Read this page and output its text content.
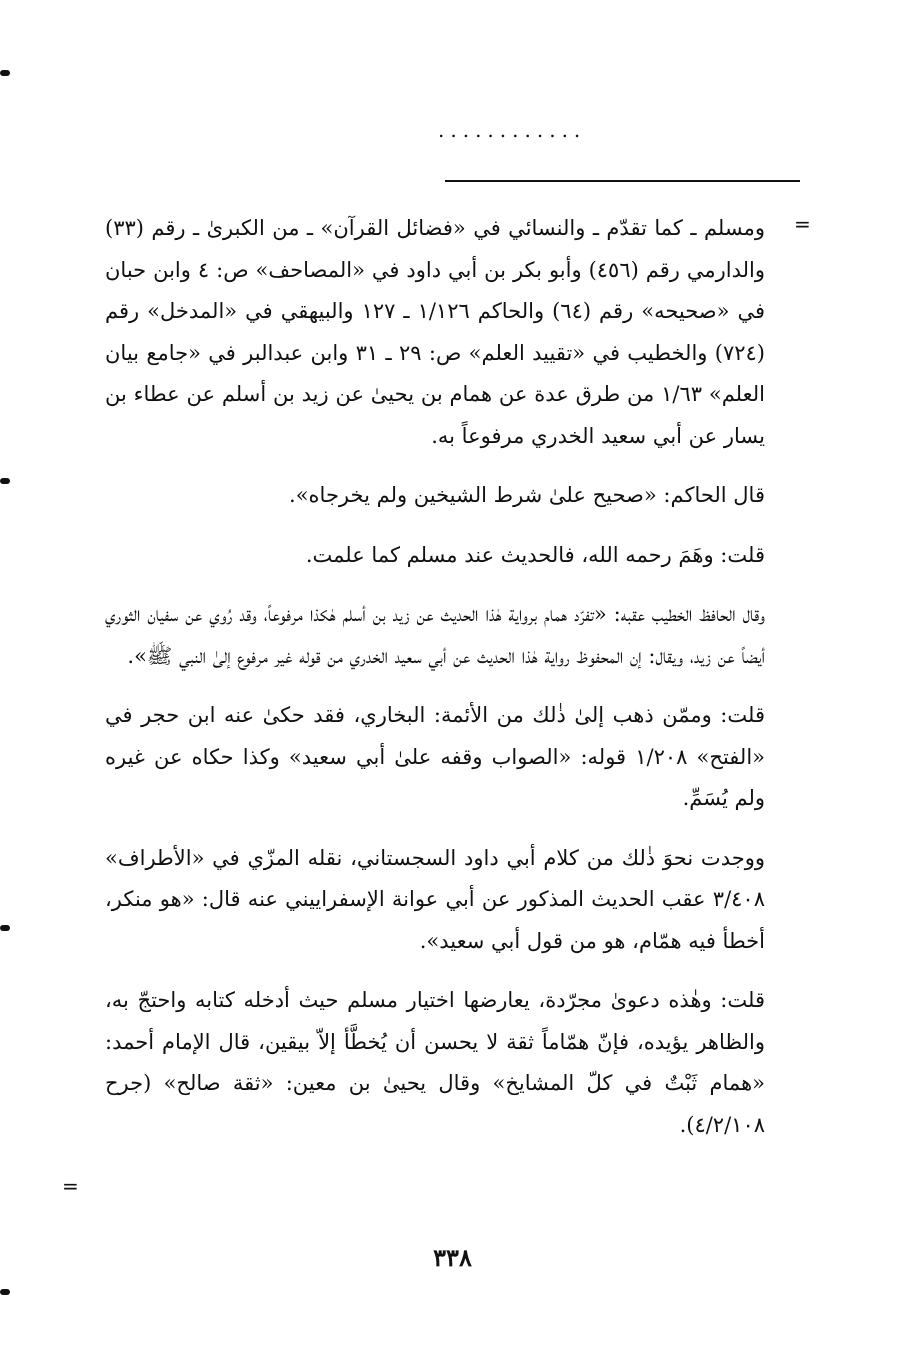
............
=

ومسلم ـ كما تقدّم ـ والنسائي في «فضائل القرآن» ـ من الكبرىٰ ـ رقم (٣٣) والدارمي رقم (٤٥٦) وأبو بكر بن أبي داود في «المصاحف» ص: ٤ وابن حبان في «صحيحه» رقم (٦٤) والحاكم ١/١٢٦ ـ ١٢٧ والبيهقي في «المدخل» رقم (٧٢٤) والخطيب في «تقييد العلم» ص: ٢٩ ـ ٣١ وابن عبدالبر في «جامع بيان العلم» ١/٦٣ من طرق عدة عن همام بن يحيىٰ عن زيد بن أسلم عن عطاء بن يسار عن أبي سعيد الخدري مرفوعاً به.

قال الحاكم: «صحيح علىٰ شرط الشيخين ولم يخرجاه».

قلت: وهَمَ رحمه الله، فالحديث عند مسلم كما علمت.

وقال الحافظ الخطيب عقبه: «تفرّد همام برواية هٰذا الحديث عن زيد بن أسلم هٰكذا مرفوعاً، وقد رُوي عن سفيان الثوري أيضاً عن زيد، ويقال: إن المحفوظ رواية هٰذا الحديث عن أبي سعيد الخدري من قوله غير مرفوع إلىٰ النبي ﷺ».

قلت: وممّن ذهب إلىٰ ذٰلك من الأئمة: البخاري، فقد حكىٰ عنه ابن حجر في «الفتح» ١/٢٠٨ قوله: «الصواب وقفه علىٰ أبي سعيد» وكذا حكاه عن غيره ولم يُسَمِّ.

ووجدت نحوَ ذٰلك من كلام أبي داود السجستاني، نقله المزّي في «الأطراف» ٣/٤٠٨ عقب الحديث المذكور عن أبي عوانة الإسفراييني عنه قال: «هو منكر، أخطأ فيه همّام، هو من قول أبي سعيد».

قلت: وهٰذه دعوىٰ مجرّدة، يعارضها اختيار مسلم حيث أدخله كتابه واحتجّ به، والظاهر يؤيده، فإنّ همّاماً ثقة لا يحسن أن يُخطَّأ إلاّ بيقين، قال الإمام أحمد: «همام ثَبْتٌ في كلّ المشايخ» وقال يحيىٰ بن معين: «ثقة صالح» (جرح ٤/٢/١٠٨).

=
٣٣٨
